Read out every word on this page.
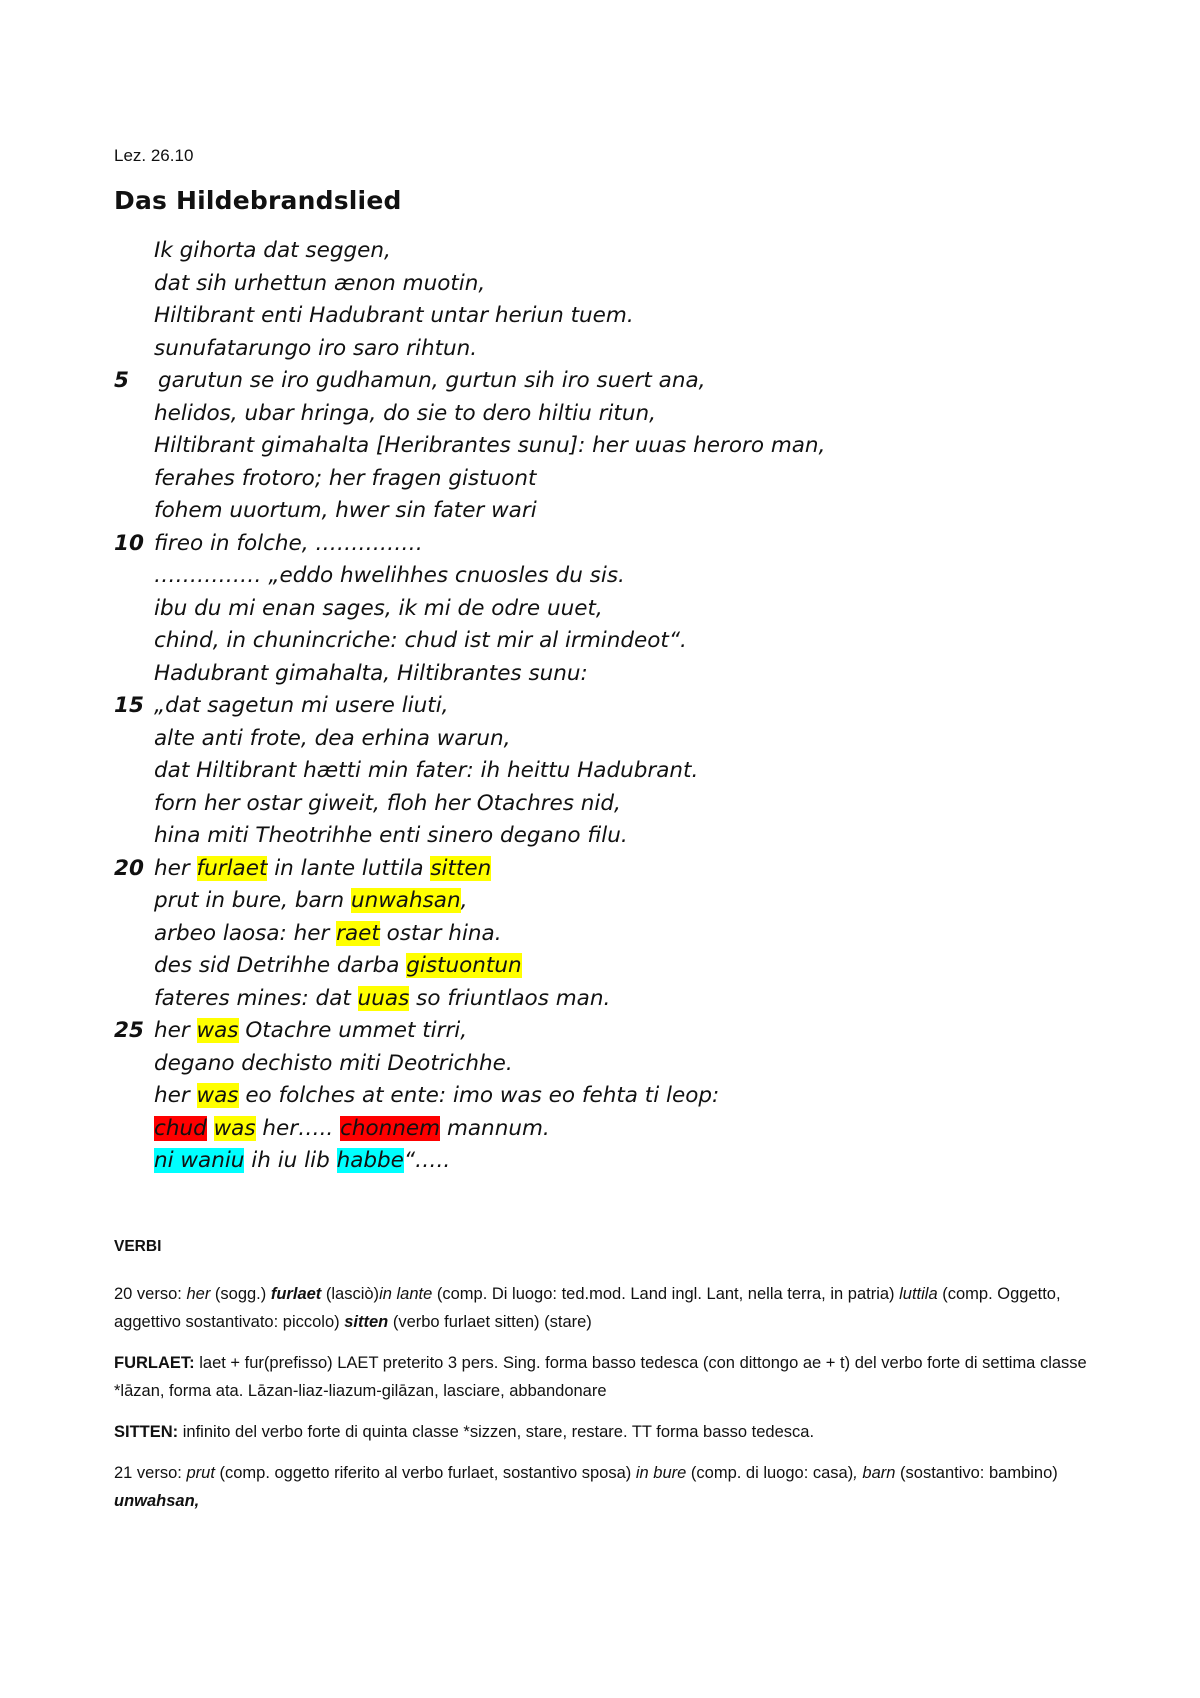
Lez. 26.10
Das Hildebrandslied
Ik gihorta dat seggen,
dat sih urhettun ænon muotin,
Hiltibrant enti Hadubrant untar heriun tuem.
sunufatarungo iro saro rihtun.
5 garutun se iro gudhamun, gurtun sih iro suert ana,
helidos, ubar hringa, do sie to dero hiltiu ritun,
Hiltibrant gimahalta [Heribrantes sunu]: her uuas heroro man,
ferahes frotoro; her fragen gistuont
fohem uuortum, hwer sin fater wari
10 fireo in folche, ……………
…………… „eddo hwelihhes cnuosles du sis.
ibu du mi enan sages, ik mi de odre uuet,
chind, in chunincriche: chud ist mir al irmindeot“.
Hadubrant gimahalta, Hiltibrantes sunu:
15 „dat sagetun mi usere liuti,
alte anti frote, dea erhina warun,
dat Hiltibrant hætti min fater: ih heittu Hadubrant.
forn her ostar giweit, floh her Otachres nid,
hina miti Theotrihhe enti sinero degano filu.
20 her furlaet in lante luttila sitten
prut in bure, barn unwahsan,
arbeo laosa: her raet ostar hina.
des sid Detrihhe darba gistuontun
fateres mines: dat uuas so friuntlaos man.
25 her was Otachre ummet tirri,
degano dechisto miti Deotrichhe.
her was eo folches at ente: imo was eo fehta ti leop:
chud was her….. chonnem mannum.
ni waniu ih iu lib habbe“…..

VERBI

20 verso: her (sogg.) furlaet (lasciò)in lante (comp. Di luogo: ted.mod. Land ingl. Lant, nella terra, in patria) luttila (comp. Oggetto, aggettivo sostantivato: piccolo) sitten (verbo furlaet sitten) (stare)

FURLAET: laet + fur(prefisso) LAET preterito 3 pers. Sing. forma basso tedesca (con dittongo ae + t) del verbo forte di settima classe *lāzan, forma ata. Lāzan-liaz-liazum-gilāzan, lasciare, abbandonare

SITTEN: infinito del verbo forte di quinta classe *sizzen, stare, restare. TT forma basso tedesca.

21 verso: prut (comp. oggetto riferito al verbo furlaet, sostantivo sposa) in bure (comp. di luogo: casa), barn (sostantivo: bambino) unwahsan,
